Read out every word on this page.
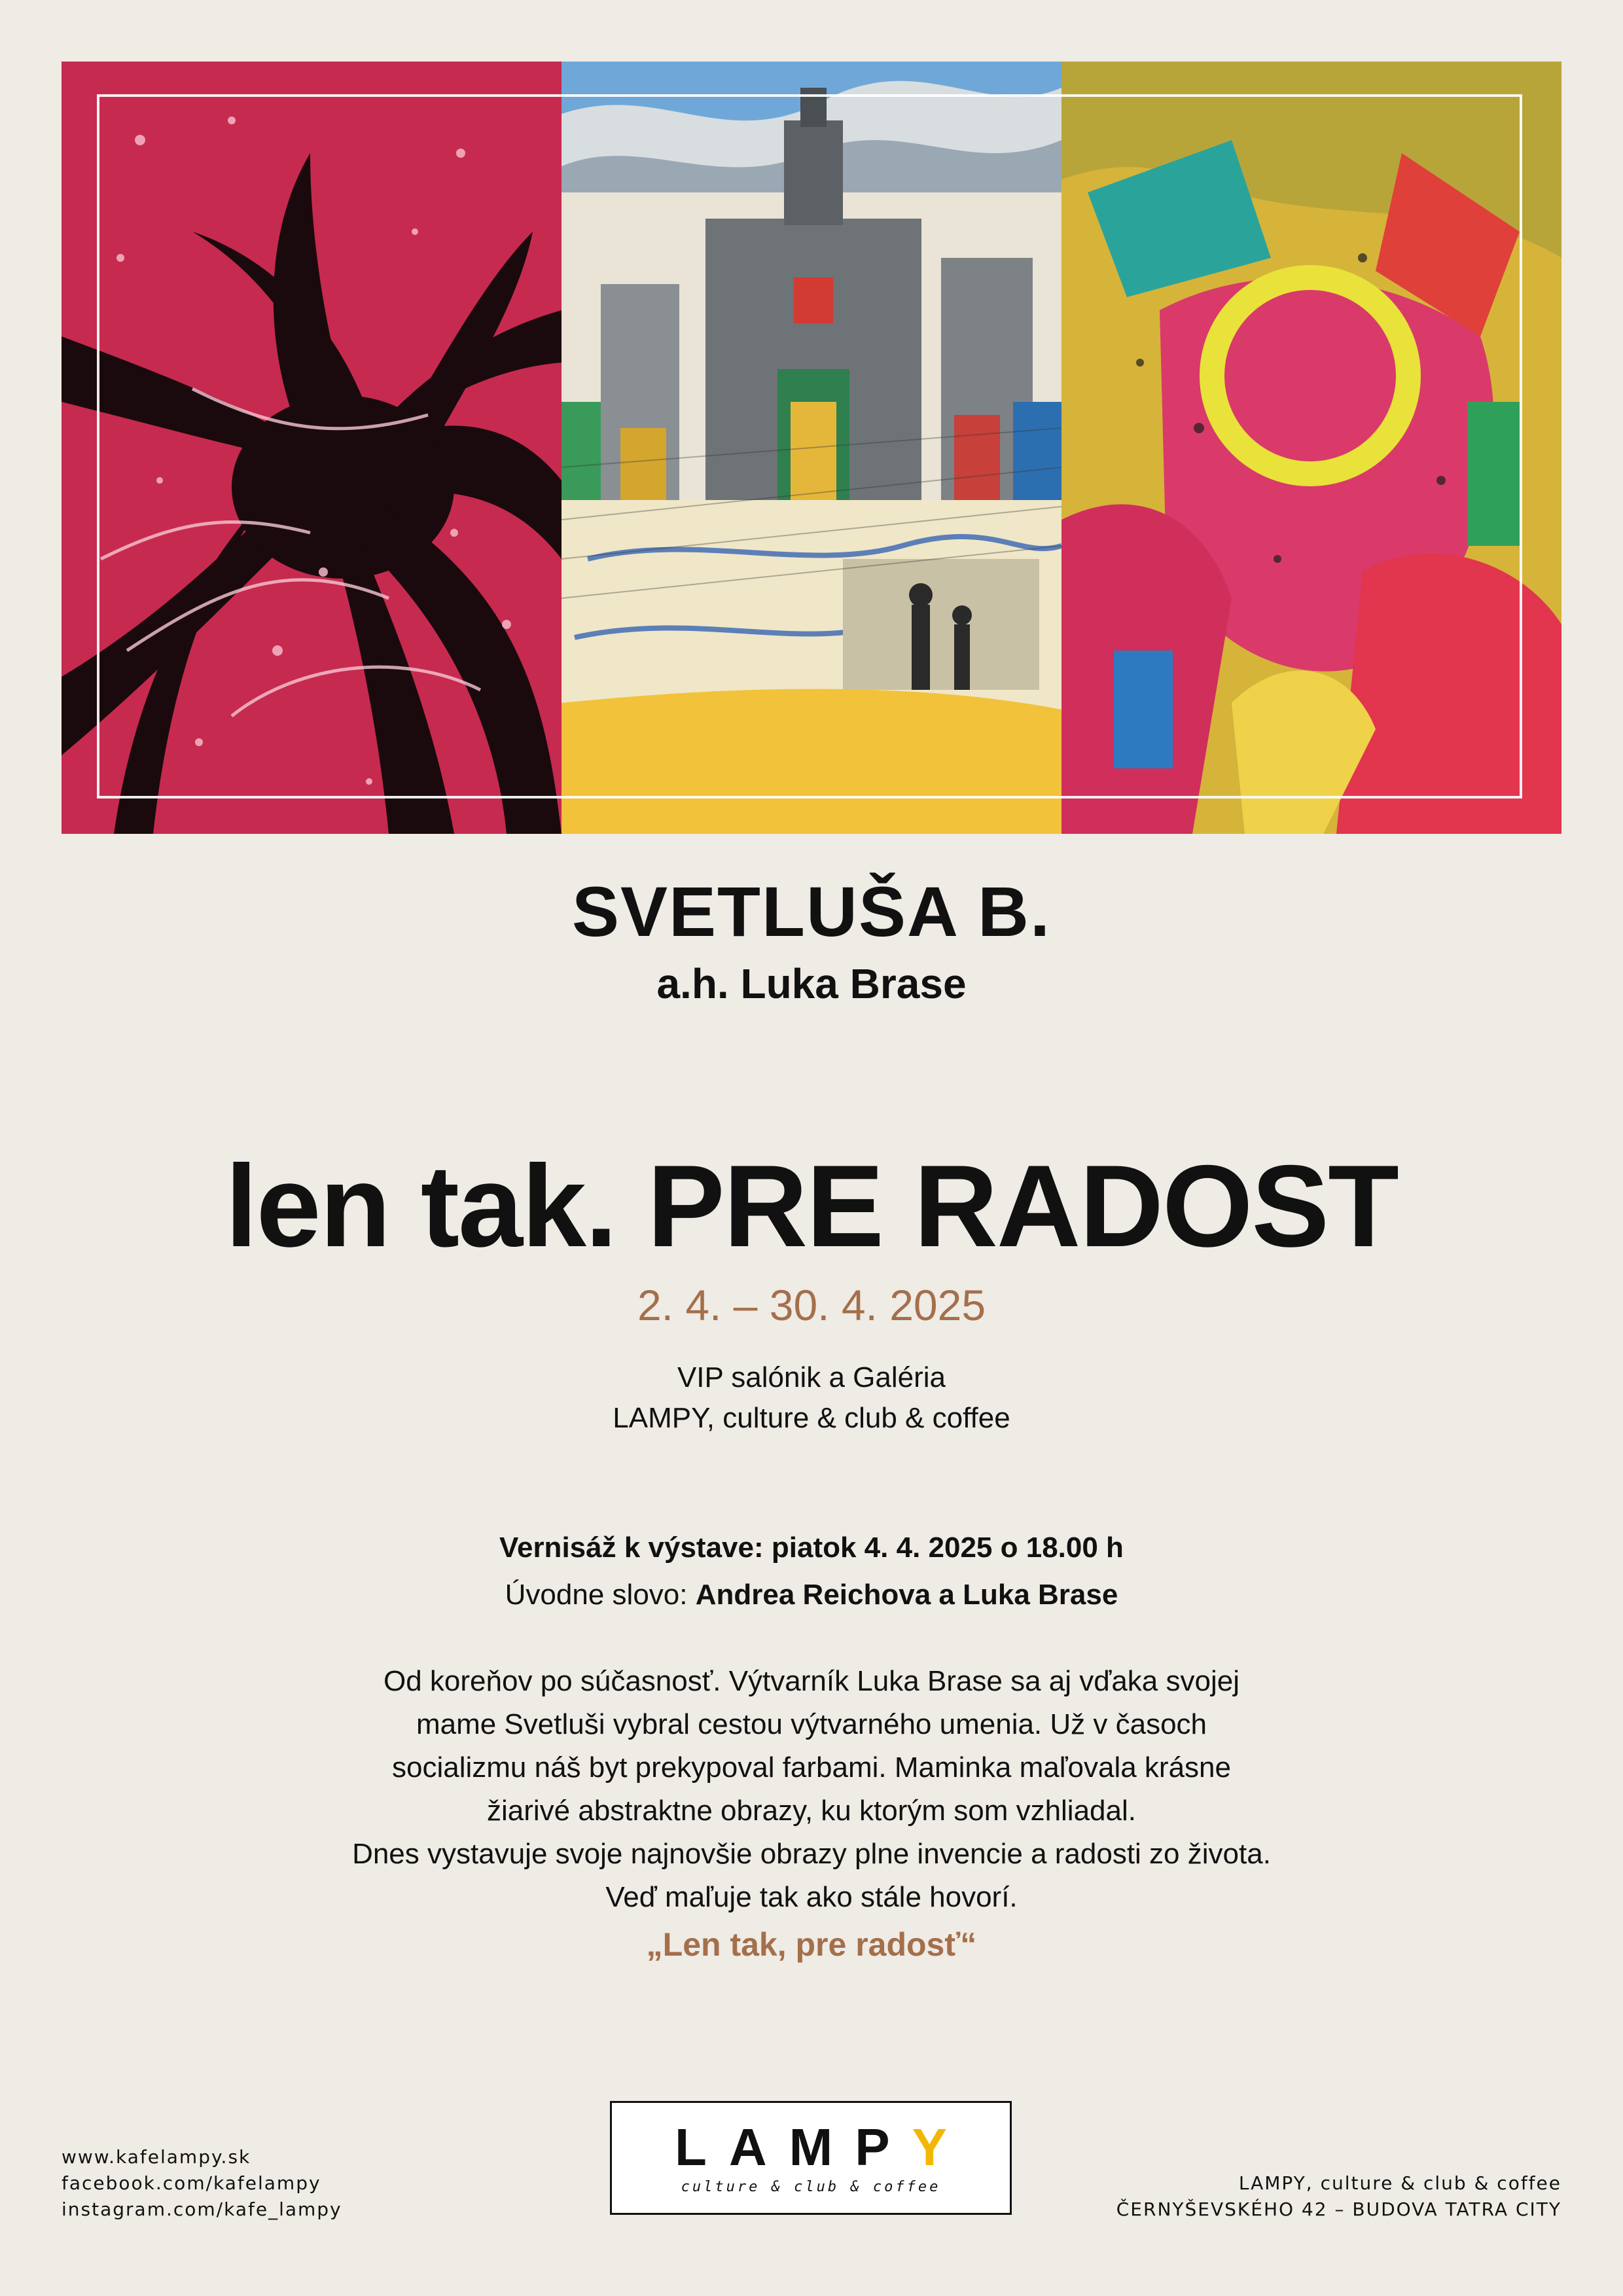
SVETLUŠA B.
a.h. Luka Brase
len tak. PRE RADOST
2. 4. – 30. 4. 2025
VIP salónik a Galéria
LAMPY, culture & club & coffee
Vernisáž k výstave: piatok 4. 4. 2025 o 18.00 h
Úvodne slovo: Andrea Reichova a Luka Brase
Od koreňov po súčasnosť. Výtvarník Luka Brase sa aj vďaka svojej
mame Svetluši vybral cestou výtvarného umenia. Už v časoch
socializmu náš byt prekypoval farbami. Maminka maľovala krásne
žiarivé abstraktne obrazy, ku ktorým som vzhliadal.
Dnes vystavuje svoje najnovšie obrazy plne invencie a radosti zo života.
Veď maľuje tak ako stále hovorí.
„Len tak, pre radosť“
www.kafelampy.sk
facebook.com/kafelampy
instagram.com/kafe_lampy
LAMPY
culture & club & coffee	LAMPY, culture & club & coffee
ČERNYŠEVSKÉHO 42 – BUDOVA TATRA CITY
